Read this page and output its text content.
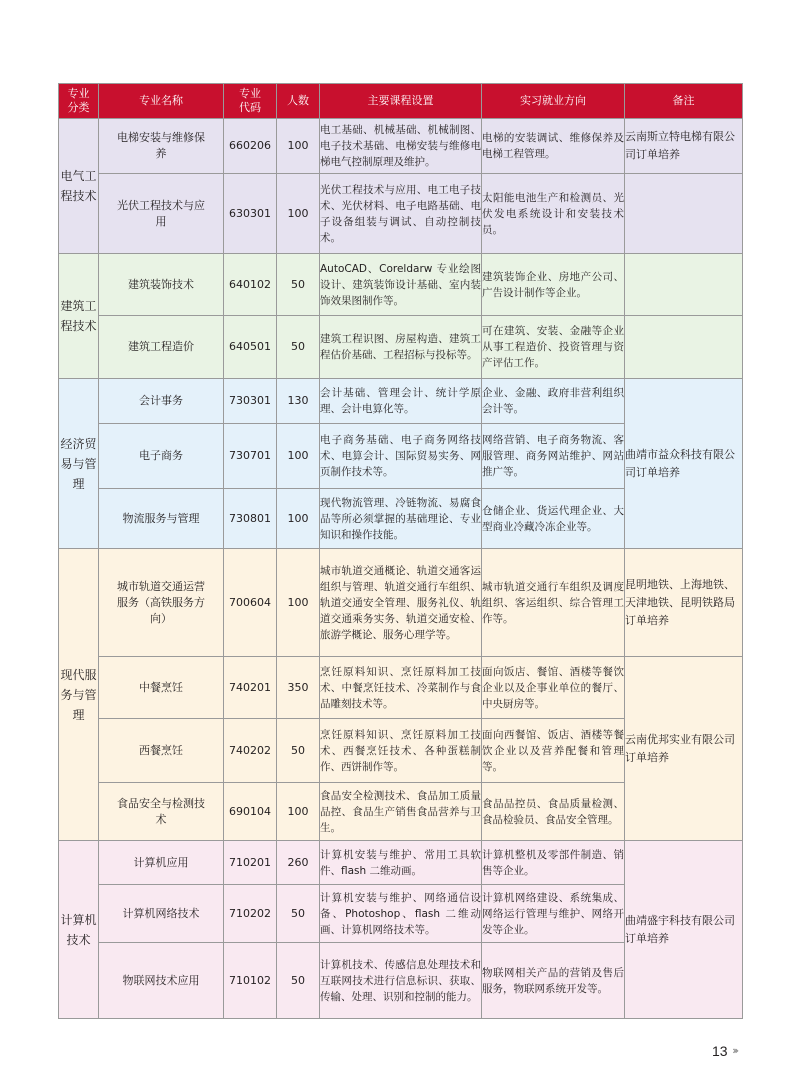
专业分类	专业名称	专业代码	人数	主要课程设置	实习就业方向	备注
电气工程技术	电梯安装与维修保养	660206	100	电工基础、机械基础、机械制图、电子技术基础、电梯安装与维修电梯电气控制原理及维护。	电梯的安装调试、维修保养及电梯工程管理。	云南斯立特电梯有限公司订单培养
	光伏工程技术与应用	630301	100	光伏工程技术与应用、电工电子技术、光伏材料、电子电路基础、电子设备组装与调试、自动控制技术。	太阳能电池生产和检测员、光伏发电系统设计和安装技术员。	
建筑工程技术	建筑装饰技术	640102	50	AutoCAD、Coreldarw 专业绘图设计、建筑装饰设计基础、室内装饰效果图制作等。	建筑装饰企业、房地产公司、广告设计制作等企业。	
	建筑工程造价	640501	50	建筑工程识图、房屋构造、建筑工程估价基础、工程招标与投标等。	可在建筑、安装、金融等企业从事工程造价、投资管理与资产评估工作。	
经济贸易与管理	会计事务	730301	130	会计基础、管理会计、统计学原理、会计电算化等。	企业、金融、政府非营利组织会计等。	曲靖市益众科技有限公司订单培养
	电子商务	730701	100	电子商务基础、电子商务网络技术、电算会计、国际贸易实务、网页制作技术等。	网络营销、电子商务物流、客服管理、商务网站维护、网站推广等。	
	物流服务与管理	730801	100	现代物流管理、冷链物流、易腐食品等所必须掌握的基础理论、专业知识和操作技能。	仓储企业、货运代理企业、大型商业冷藏冷冻企业等。	
现代服务与管理	城市轨道交通运营服务（高铁服务方向）	700604	100	城市轨道交通概论、轨道交通客运组织与管理、轨道交通行车组织、轨道交通安全管理、服务礼仪、轨道交通乘务实务、轨道交通安检、旅游学概论、服务心理学等。	城市轨道交通行车组织及调度组织、客运组织、综合管理工作等。	昆明地铁、上海地铁、天津地铁、昆明铁路局订单培养
	中餐烹饪	740201	350	烹饪原料知识、烹饪原料加工技术、中餐烹饪技术、冷菜制作与食品雕刻技术等。	面向饭店、餐馆、酒楼等餐饮企业以及企事业单位的餐厅、中央厨房等。	云南优邦实业有限公司订单培养
	西餐烹饪	740202	50	烹饪原料知识、烹饪原料加工技术、西餐烹饪技术、各种蛋糕制作、西饼制作等。	面向西餐馆、饭店、酒楼等餐饮企业以及营养配餐和管理等。	
	食品安全与检测技术	690104	100	食品安全检测技术、食品加工质量品控、食品生产销售食品营养与卫生。	食品品控员、食品质量检测、食品检验员、食品安全管理。	
计算机技术	计算机应用	710201	260	计算机安装与维护、常用工具软件、flash 二维动画。	计算机整机及零部件制造、销售等企业。	曲靖盛宇科技有限公司订单培养
	计算机网络技术	710202	50	计算机安装与维护、网络通信设备、Photoshop、flash 二维动画、计算机网络技术等。	计算机网络建设、系统集成、网络运行管理与维护、网络开发等企业。	
	物联网技术应用	710102	50	计算机技术、传感信息处理技术和互联网技术进行信息标识、获取、传输、处理、识别和控制的能力。	物联网相关产品的营销及售后服务，物联网系统开发等。	
13 ›››
